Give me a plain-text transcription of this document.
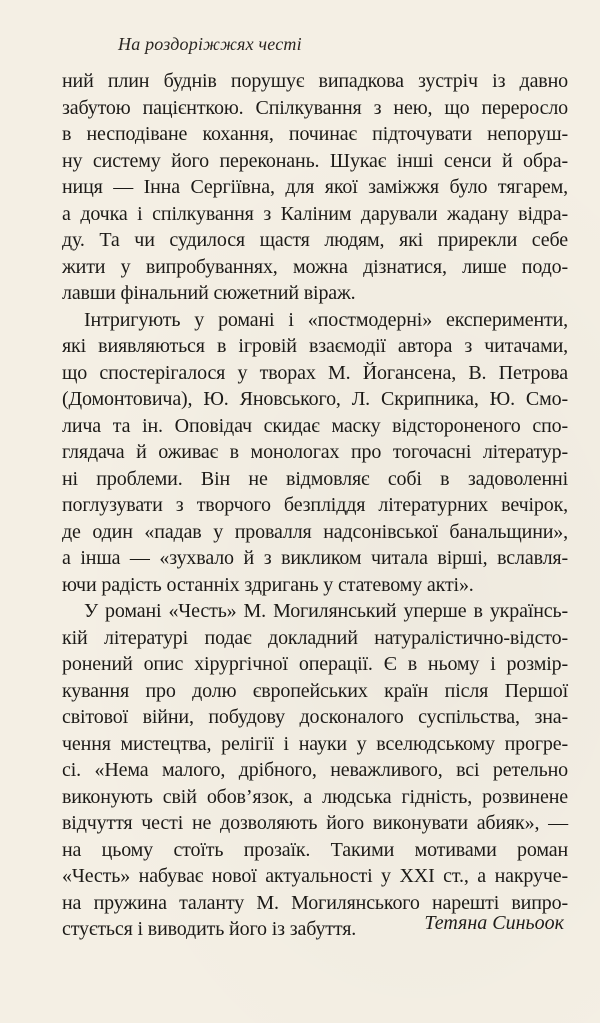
На роздоріжжях честі
ний плин буднів порушує випадкова зустріч із давно
забутою пацієнткою. Спілкування з нею, що переросло
в несподіване кохання, починає підточувати непоруш-
ну систему його переконань. Шукає інші сенси й обра-
ниця — Інна Сергіївна, для якої заміжжя було тягарем,
а дочка і спілкування з Каліним дарували жадану відра-
ду. Та чи судилося щастя людям, які прирекли себе
жити у випробуваннях, можна дізнатися, лише подо-
лавши фінальний сюжетний віраж.
Інтригують у романі і «постмодерні» експерименти,
які виявляються в ігровій взаємодії автора з читачами,
що спостерігалося у творах М. Йогансена, В. Петрова
(Домонтовича), Ю. Яновського, Л. Скрипника, Ю. Смо-
лича та ін. Оповідач скидає маску відстороненого спо-
глядача й оживає в монологах про тогочасні літератур-
ні проблеми. Він не відмовляє собі в задоволенні
поглузувати з творчого безпліддя літературних вечірок,
де один «падав у провалля надсонівської банальщини»,
а інша — «зухвало й з викликом читала вірші, вславля-
ючи радість останніх здригань у статевому акті».
У романі «Честь» М. Могилянський уперше в українсь-
кій літературі подає докладний натуралістично-відсто-
ронений опис хірургічної операції. Є в ньому і розмір-
кування про долю європейських країн після Першої
світової війни, побудову досконалого суспільства, зна-
чення мистецтва, релігії і науки у вселюдському прогре-
сі. «Нема малого, дрібного, неважливого, всі ретельно
виконують свій обов’язок, а людська гідність, розвинене
відчуття честі не дозволяють його виконувати абияк», —
на цьому стоїть прозаїк. Такими мотивами роман
«Честь» набуває нової актуальності у ХХІ ст., а накруче-
на пружина таланту М. Могилянського нарешті випро-
стується і виводить його із забуття.	Тетяна Синьоок
